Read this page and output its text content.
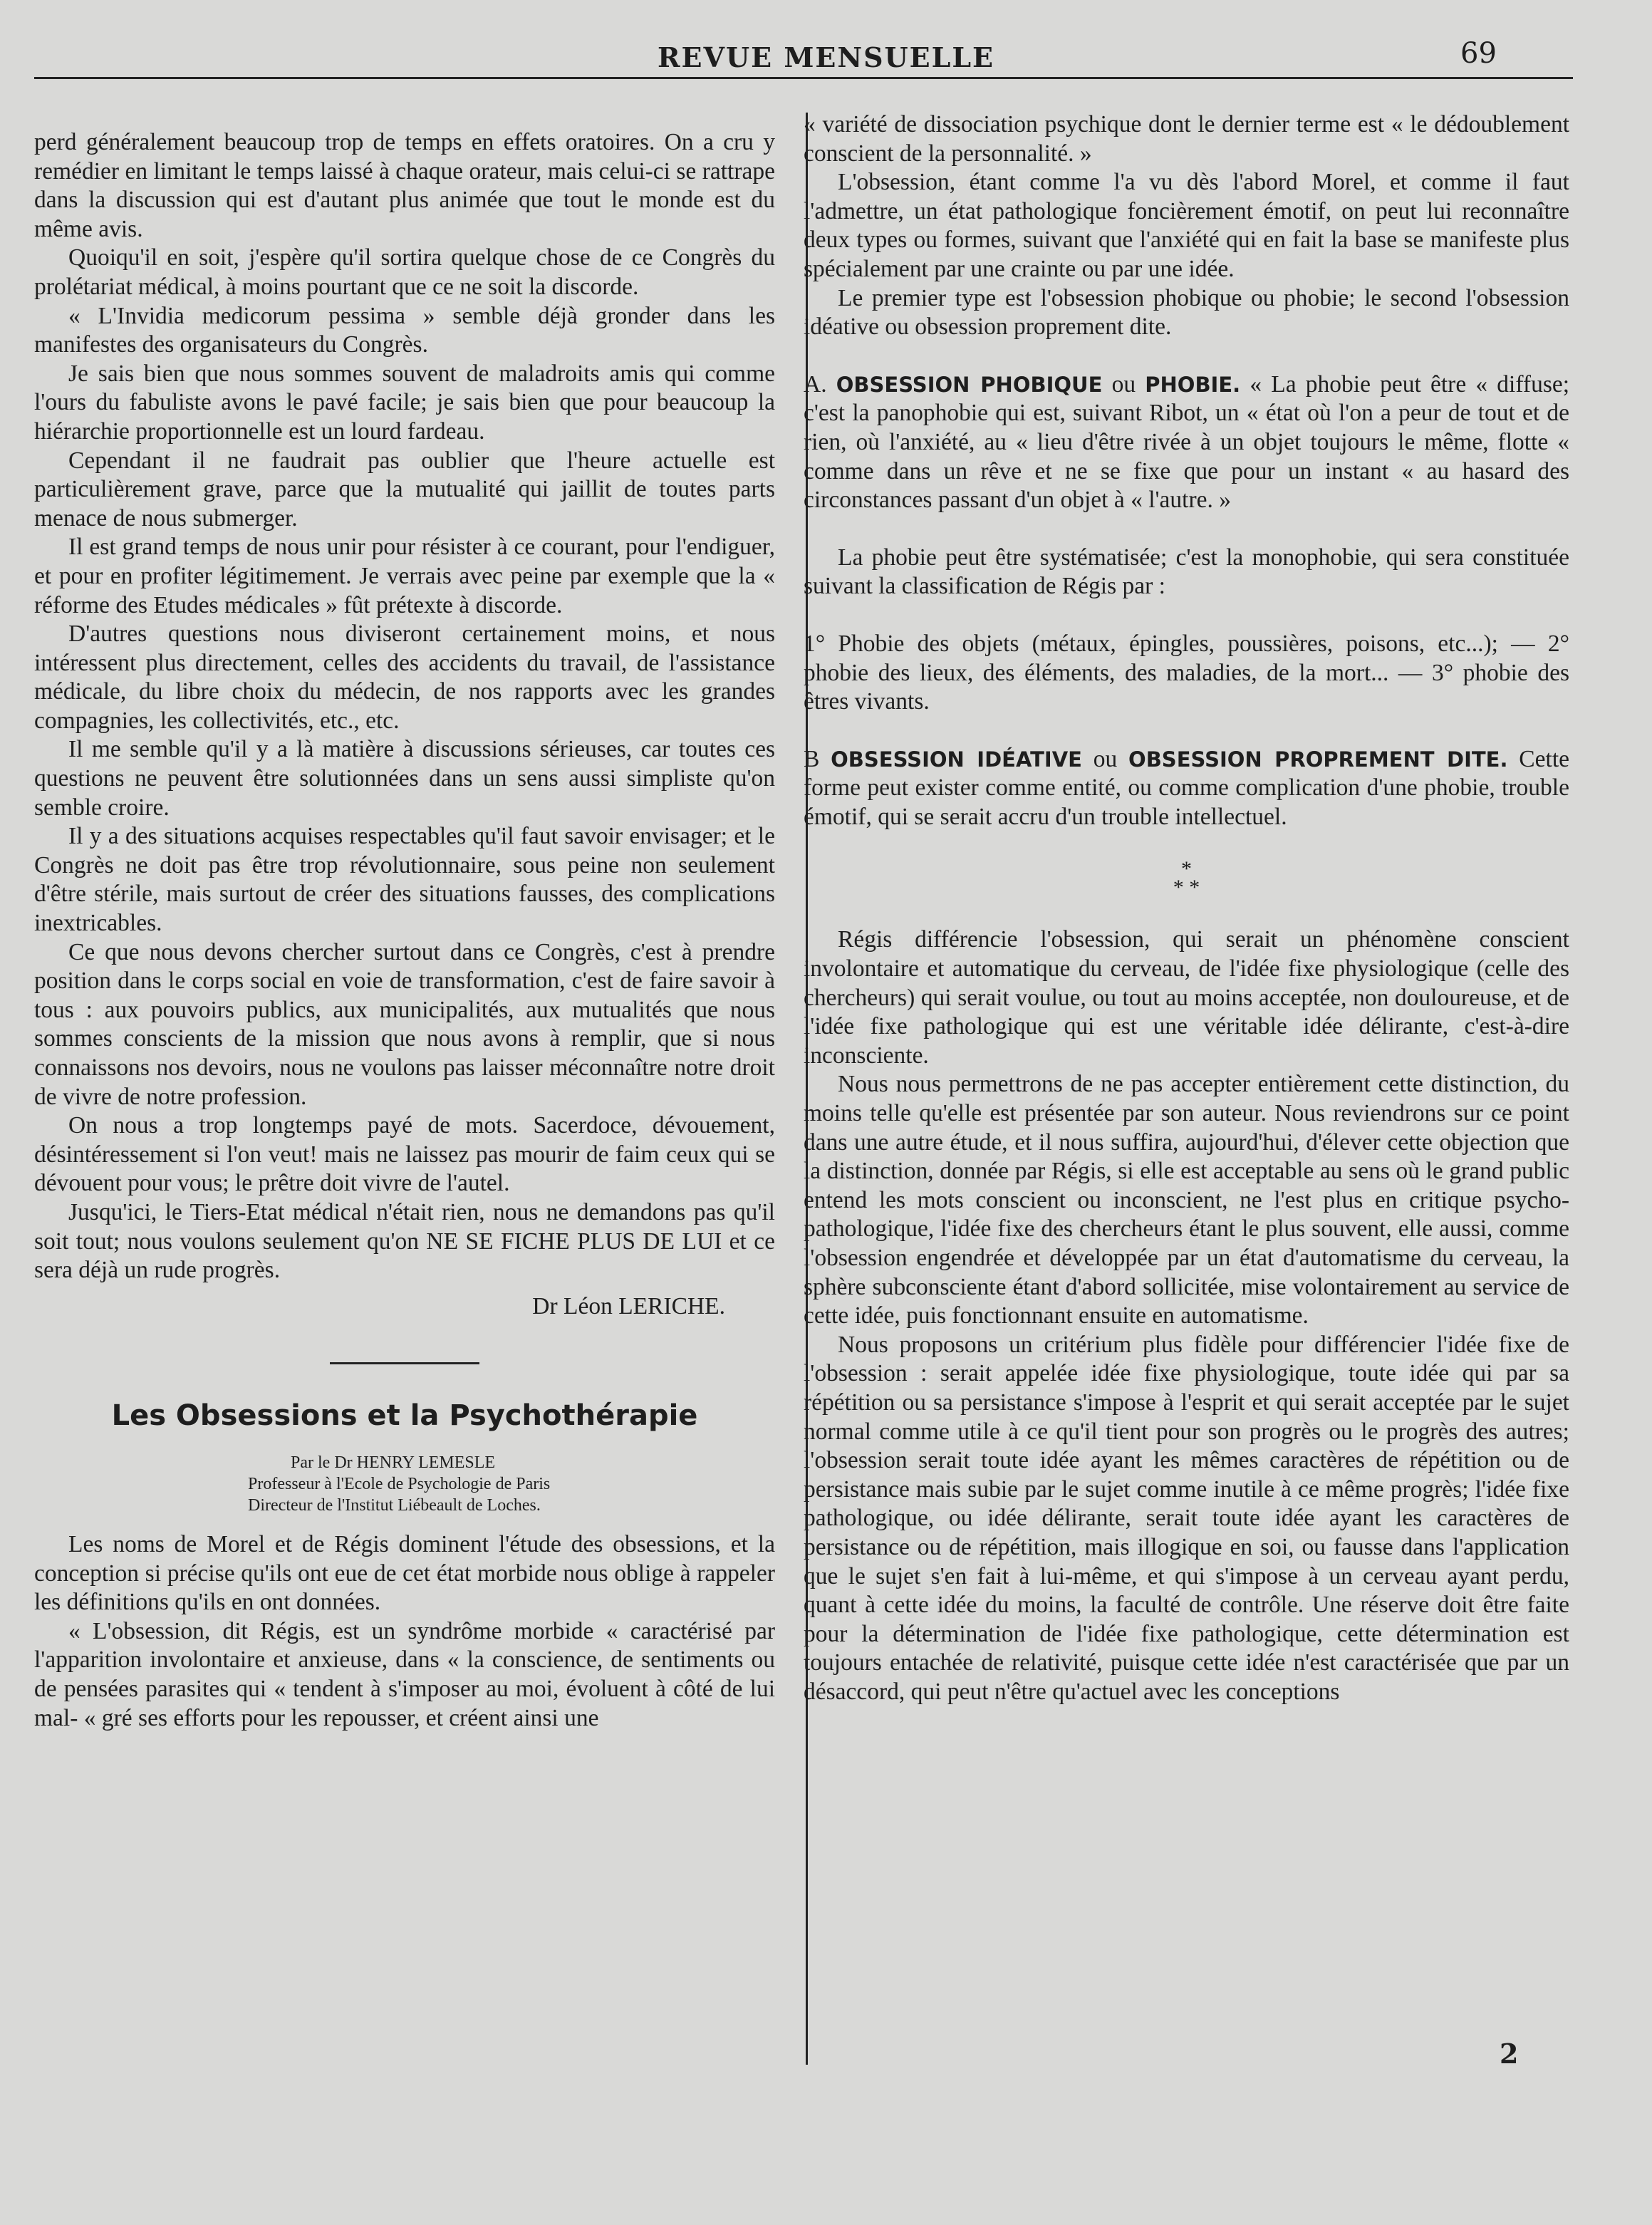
REVUE MENSUELLE	69

perd généralement beaucoup trop de temps en effets oratoires. On a cru y remédier en limitant le temps laissé à chaque orateur, mais celui-ci se rattrape dans la discussion qui est d'autant plus animée que tout le monde est du même avis.

Quoiqu'il en soit, j'espère qu'il sortira quelque chose de ce Congrès du prolétariat médical, à moins pourtant que ce ne soit la discorde.

« L'Invidia medicorum pessima » semble déjà gronder dans les manifestes des organisateurs du Congrès.

Je sais bien que nous sommes souvent de maladroits amis qui comme l'ours du fabuliste avons le pavé facile; je sais bien que pour beaucoup la hiérarchie proportionnelle est un lourd fardeau.

Cependant il ne faudrait pas oublier que l'heure actuelle est particulièrement grave, parce que la mutualité qui jaillit de toutes parts menace de nous submerger.

Il est grand temps de nous unir pour résister à ce courant, pour l'endiguer, et pour en profiter légitimement. Je verrais avec peine par exemple que la « réforme des Etudes médicales » fût prétexte à discorde.

D'autres questions nous diviseront certainement moins, et nous intéressent plus directement, celles des accidents du travail, de l'assistance médicale, du libre choix du médecin, de nos rapports avec les grandes compagnies, les collectivités, etc., etc.

Il me semble qu'il y a là matière à discussions sérieuses, car toutes ces questions ne peuvent être solutionnées dans un sens aussi simpliste qu'on semble croire.

Il y a des situations acquises respectables qu'il faut savoir envisager; et le Congrès ne doit pas être trop révolutionnaire, sous peine non seulement d'être stérile, mais surtout de créer des situations fausses, des complications inextricables.

Ce que nous devons chercher surtout dans ce Congrès, c'est à prendre position dans le corps social en voie de transformation, c'est de faire savoir à tous : aux pouvoirs publics, aux municipalités, aux mutualités que nous sommes conscients de la mission que nous avons à remplir, que si nous connaissons nos devoirs, nous ne voulons pas laisser méconnaître notre droit de vivre de notre profession.

On nous a trop longtemps payé de mots. Sacerdoce, dévouement, désintéressement si l'on veut! mais ne laissez pas mourir de faim ceux qui se dévouent pour vous; le prêtre doit vivre de l'autel.

Jusqu'ici, le Tiers-Etat médical n'était rien, nous ne demandons pas qu'il soit tout; nous voulons seulement qu'on NE SE FICHE PLUS DE LUI et ce sera déjà un rude progrès.

Dr Léon LERICHE.
Les Obsessions et la Psychothérapie
Par le Dr HENRY LEMESLE
Professeur à l'Ecole de Psychologie de Paris
Directeur de l'Institut Liébeault de Loches.

Les noms de Morel et de Régis dominent l'étude des obsessions, et la conception si précise qu'ils ont eue de cet état morbide nous oblige à rappeler les définitions qu'ils en ont données.

« L'obsession, dit Régis, est un syndrôme morbide « caractérisé par l'apparition involontaire et anxieuse, dans « la conscience, de sentiments ou de pensées parasites qui « tendent à s'imposer au moi, évoluent à côté de lui mal- « gré ses efforts pour les repousser, et créent ainsi une

« variété de dissociation psychique dont le dernier terme est « le dédoublement conscient de la personnalité. »

L'obsession, étant comme l'a vu dès l'abord Morel, et comme il faut l'admettre, un état pathologique foncièrement émotif, on peut lui reconnaître deux types ou formes, suivant que l'anxiété qui en fait la base se manifeste plus spécialement par une crainte ou par une idée.

Le premier type est l'obsession phobique ou phobie; le second l'obsession idéative ou obsession proprement dite.

A. OBSESSION PHOBIQUE ou PHOBIE. « La phobie peut être « diffuse; c'est la panophobie qui est, suivant Ribot, un « état où l'on a peur de tout et de rien, où l'anxiété, au « lieu d'être rivée à un objet toujours le même, flotte « comme dans un rêve et ne se fixe que pour un instant « au hasard des circonstances passant d'un objet à « l'autre. »

La phobie peut être systématisée; c'est la monophobie, qui sera constituée suivant la classification de Régis par :

1° Phobie des objets (métaux, épingles, poussières, poisons, etc...); — 2° phobie des lieux, des éléments, des maladies, de la mort... — 3° phobie des êtres vivants.

B OBSESSION IDÉATIVE ou OBSESSION PROPREMENT DITE. Cette forme peut exister comme entité, ou comme complication d'une phobie, trouble émotif, qui se serait accru d'un trouble intellectuel.

*
* *

Régis différencie l'obsession, qui serait un phénomène conscient involontaire et automatique du cerveau, de l'idée fixe physiologique (celle des chercheurs) qui serait voulue, ou tout au moins acceptée, non douloureuse, et de l'idée fixe pathologique qui est une véritable idée délirante, c'est-à-dire inconsciente.

Nous nous permettrons de ne pas accepter entièrement cette distinction, du moins telle qu'elle est présentée par son auteur. Nous reviendrons sur ce point dans une autre étude, et il nous suffira, aujourd'hui, d'élever cette objection que la distinction, donnée par Régis, si elle est acceptable au sens où le grand public entend les mots conscient ou inconscient, ne l'est plus en critique psycho-pathologique, l'idée fixe des chercheurs étant le plus souvent, elle aussi, comme l'obsession engendrée et développée par un état d'automatisme du cerveau, la sphère subconsciente étant d'abord sollicitée, mise volontairement au service de cette idée, puis fonctionnant ensuite en automatisme.

Nous proposons un critérium plus fidèle pour différencier l'idée fixe de l'obsession : serait appelée idée fixe physiologique, toute idée qui par sa répétition ou sa persistance s'impose à l'esprit et qui serait acceptée par le sujet normal comme utile à ce qu'il tient pour son progrès ou le progrès des autres; l'obsession serait toute idée ayant les mêmes caractères de répétition ou de persistance mais subie par le sujet comme inutile à ce même progrès; l'idée fixe pathologique, ou idée délirante, serait toute idée ayant les caractères de persistance ou de répétition, mais illogique en soi, ou fausse dans l'application que le sujet s'en fait à lui-même, et qui s'impose à un cerveau ayant perdu, quant à cette idée du moins, la faculté de contrôle. Une réserve doit être faite pour la détermination de l'idée fixe pathologique, cette détermination est toujours entachée de relativité, puisque cette idée n'est caractérisée que par un désaccord, qui peut n'être qu'actuel avec les conceptions

2
